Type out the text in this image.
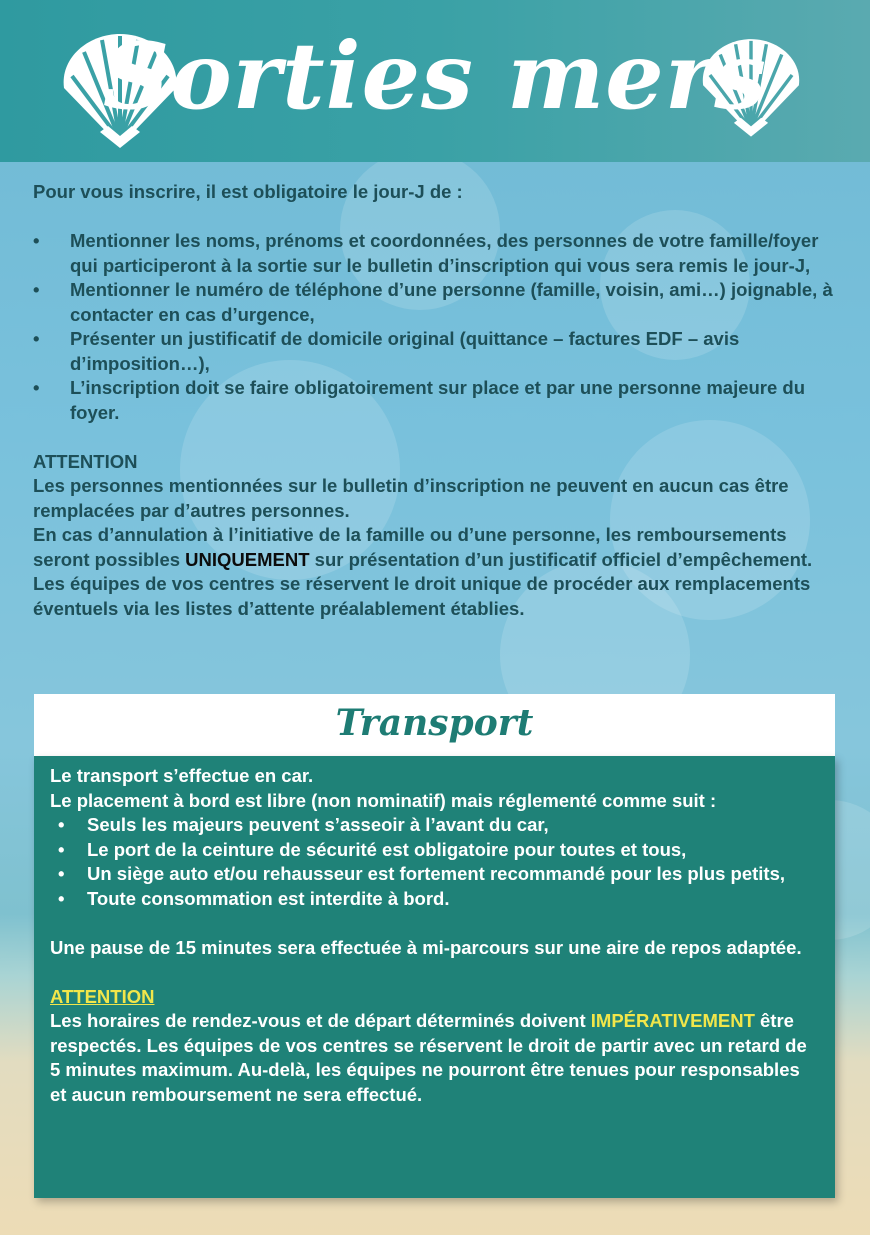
Sorties mers

Pour vous inscrire, il est obligatoire le jour-J de :

• Mentionner les noms, prénoms et coordonnées, des personnes de votre famille/foyer qui participeront à la sortie sur le bulletin d’inscription qui vous sera remis le jour-J,
• Mentionner le numéro de téléphone d’une personne (famille, voisin, ami…) joignable, à contacter en cas d’urgence,
• Présenter un justificatif de domicile original (quittance – factures EDF – avis d’imposition…),
• L’inscription doit se faire obligatoirement sur place et par une personne majeure du foyer.

ATTENTION

Les personnes mentionnées sur le bulletin d’inscription ne peuvent en aucun cas être remplacées par d’autres personnes.

En cas d’annulation à l’initiative de la famille ou d’une personne, les remboursements seront possibles UNIQUEMENT sur présentation d’un justificatif officiel d’empêchement.

Les équipes de vos centres se réservent le droit unique de procéder aux remplacements éventuels via les listes d’attente préalablement établies.

Transport

Le transport s’effectue en car.

Le placement à bord est libre (non nominatif) mais réglementé comme suit :

• Seuls les majeurs peuvent s’asseoir à l’avant du car,
• Le port de la ceinture de sécurité est obligatoire pour toutes et tous,
• Un siège auto et/ou rehausseur est fortement recommandé pour les plus petits,
• Toute consommation est interdite à bord.

Une pause de 15 minutes sera effectuée à mi-parcours sur une aire de repos adaptée.

ATTENTION

Les horaires de rendez-vous et de départ déterminés doivent IMPÉRATIVEMENT être respectés. Les équipes de vos centres se réservent le droit de partir avec un retard de 5 minutes maximum. Au-delà, les équipes ne pourront être tenues pour responsables et aucun remboursement ne sera effectué.
